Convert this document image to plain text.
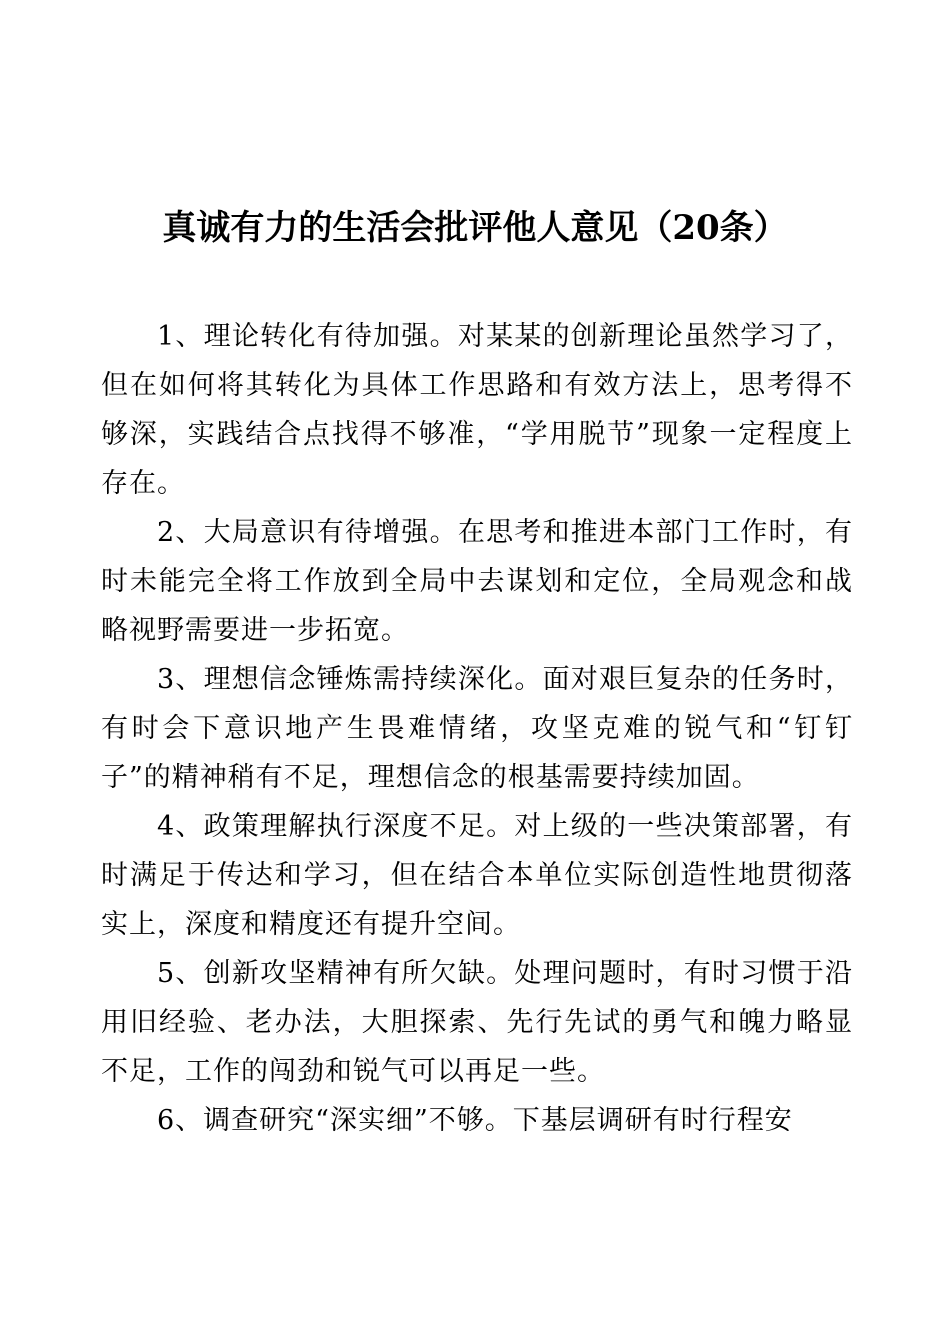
真诚有力的生活会批评他人意见（20条）

1、理论转化有待加强。对某某的创新理论虽然学习了，但在如何将其转化为具体工作思路和有效方法上，思考得不够深，实践结合点找得不够准，“学用脱节”现象一定程度上存在。

2、大局意识有待增强。在思考和推进本部门工作时，有时未能完全将工作放到全局中去谋划和定位，全局观念和战略视野需要进一步拓宽。

3、理想信念锤炼需持续深化。面对艰巨复杂的任务时，有时会下意识地产生畏难情绪，攻坚克难的锐气和“钉钉子”的精神稍有不足，理想信念的根基需要持续加固。

4、政策理解执行深度不足。对上级的一些决策部署，有时满足于传达和学习，但在结合本单位实际创造性地贯彻落实上，深度和精度还有提升空间。

5、创新攻坚精神有所欠缺。处理问题时，有时习惯于沿用旧经验、老办法，大胆探索、先行先试的勇气和魄力略显不足，工作的闯劲和锐气可以再足一些。

6、调查研究“深实细”不够。下基层调研有时行程安
